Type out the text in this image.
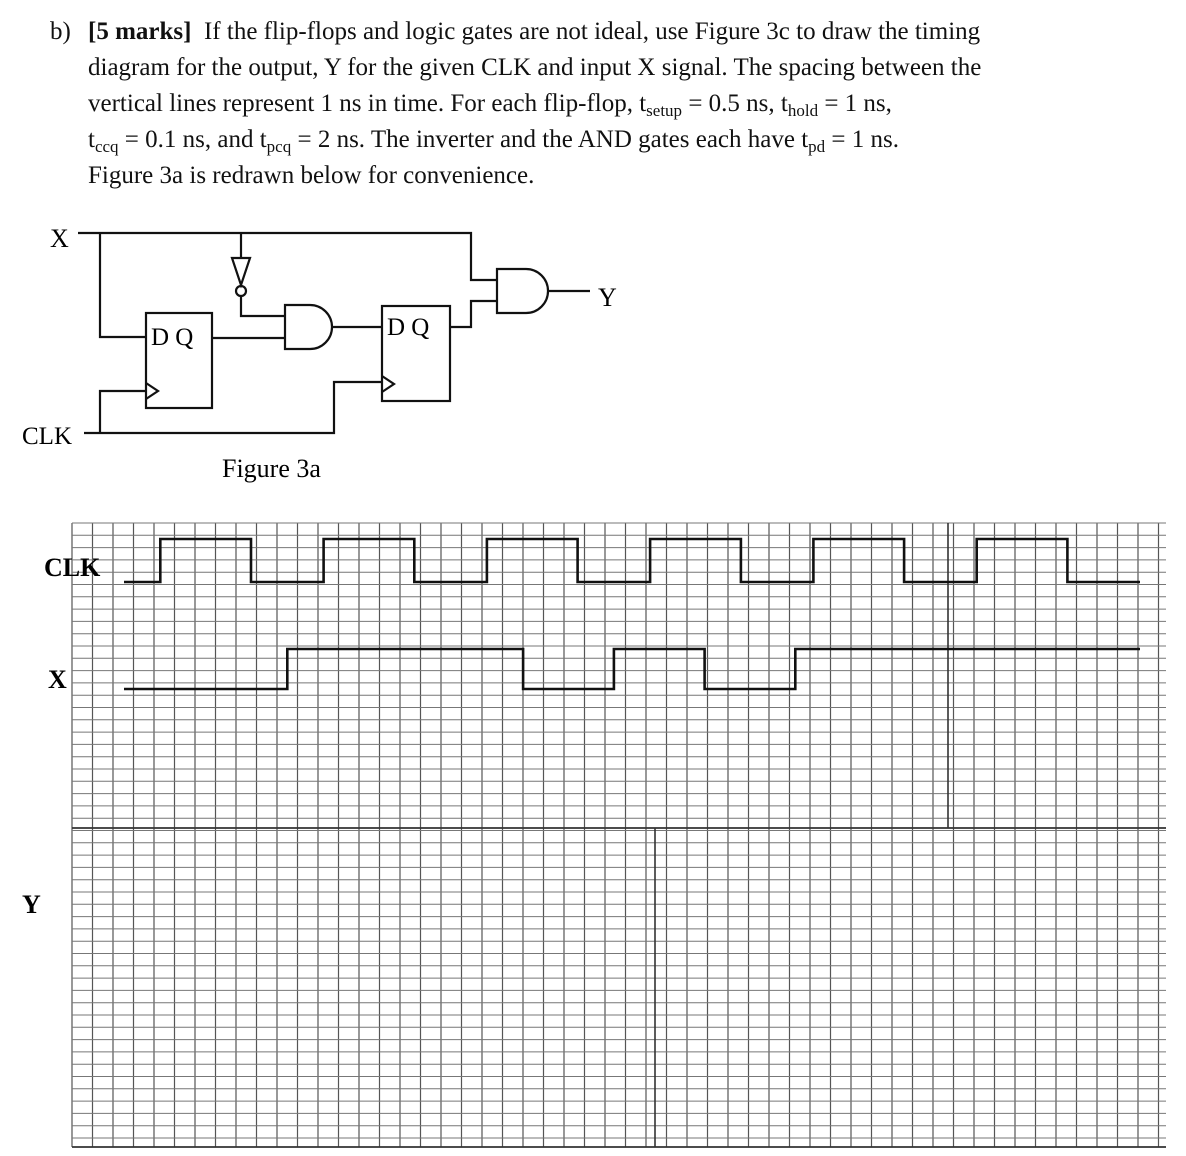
b) [5 marks] If the flip-flops and logic gates are not ideal, use Figure 3c to draw the timing
diagram for the output, Y for the given CLK and input X signal. The spacing between the
vertical lines represent 1 ns in time. For each flip-flop, $t_{setup} = 0.5$ ns, $t_{hold} = 1$ ns,
$t_{ccq} = 0.1$ ns, and $t_{pcq} = 2$ ns. The inverter and the AND gates each have $t_{pd} = 1$ ns.
Figure 3a is redrawn below for convenience.
X
Y
CLK
D Q	D Q
Figure 3a
CLK
X
Y
